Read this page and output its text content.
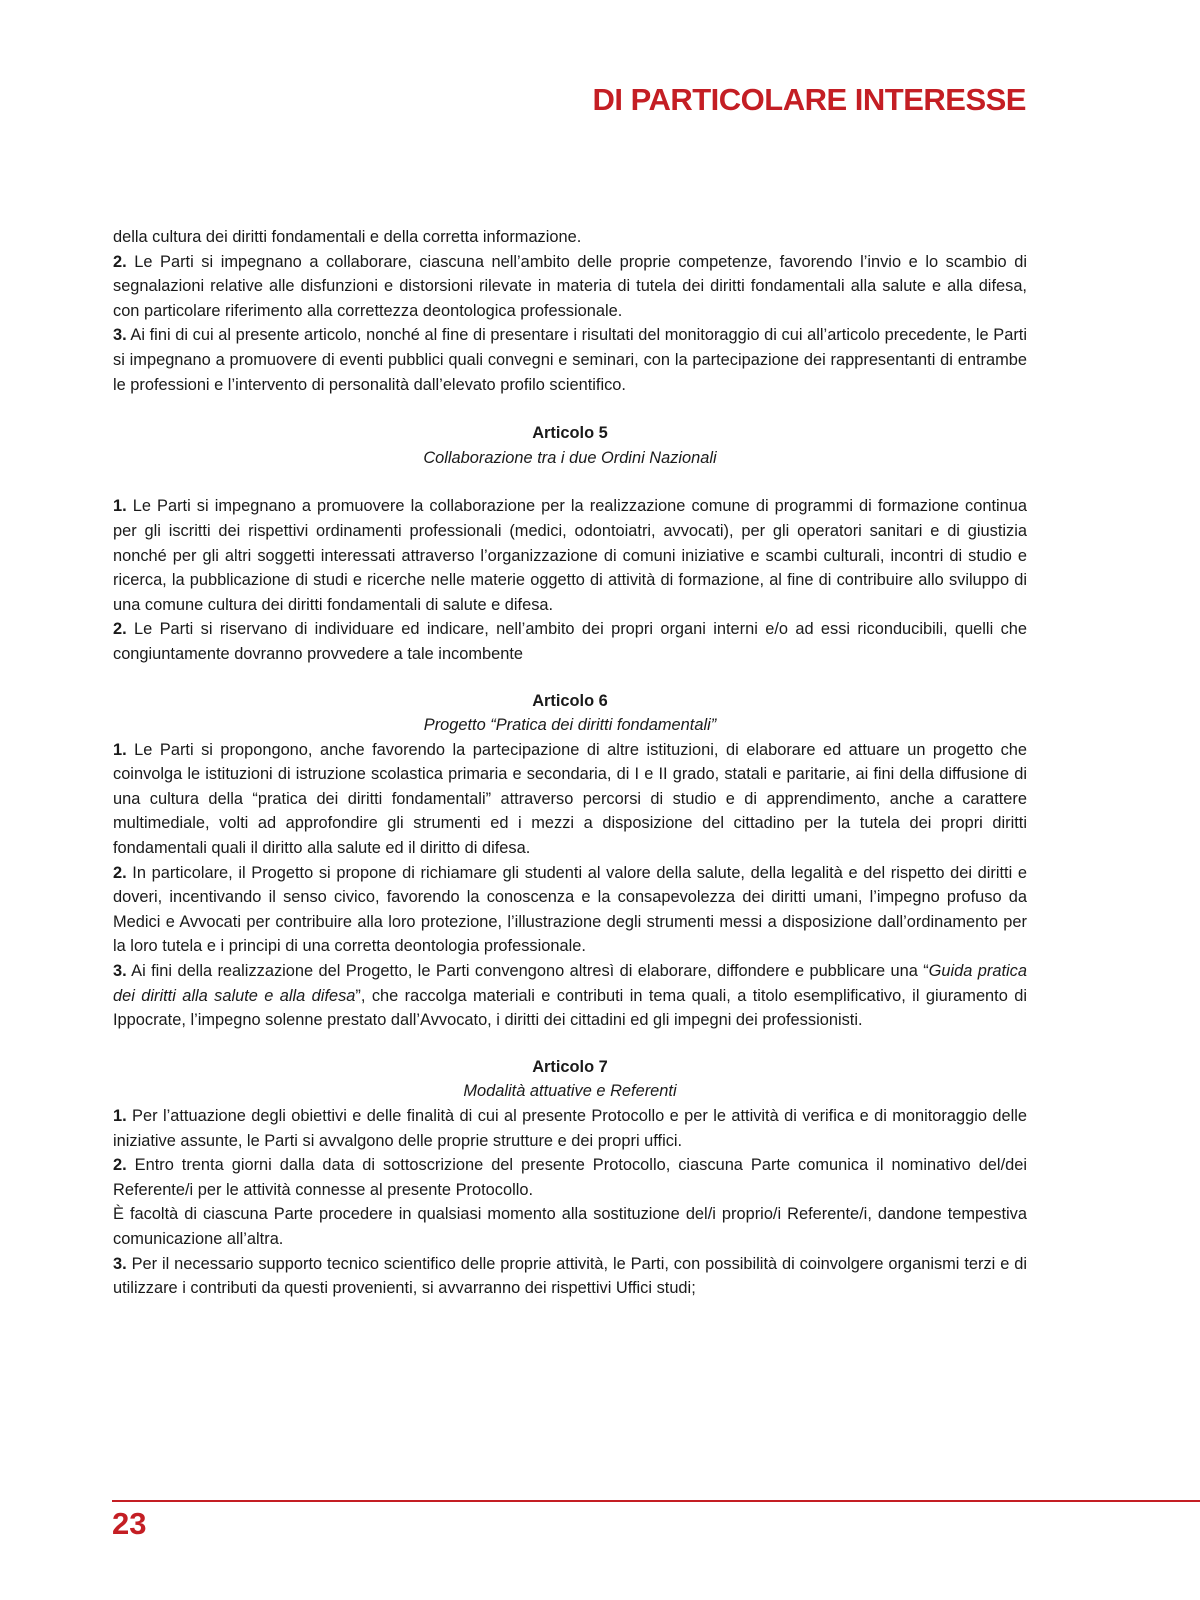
DI PARTICOLARE INTERESSE

della cultura dei diritti fondamentali e della corretta informazione.

2. Le Parti si impegnano a collaborare, ciascuna nell’ambito delle proprie competenze, favorendo l’invio e lo scambio di segnalazioni relative alle disfunzioni e distorsioni rilevate in materia di tutela dei diritti fondamentali alla salute e alla difesa, con particolare riferimento alla correttezza deontologica professionale.

3. Ai fini di cui al presente articolo, nonché al fine di presentare i risultati del monitoraggio di cui all’articolo precedente, le Parti si impegnano a promuovere di eventi pubblici quali convegni e seminari, con la partecipazione dei rappresentanti di entrambe le professioni e l’intervento di personalità dall’elevato profilo scientifico.

Articolo 5

Collaborazione tra i due Ordini Nazionali

1. Le Parti si impegnano a promuovere la collaborazione per la realizzazione comune di programmi di formazione continua per gli iscritti dei rispettivi ordinamenti professionali (medici, odontoiatri, avvocati), per gli operatori sanitari e di giustizia nonché per gli altri soggetti interessati attraverso l’organizzazione di comuni iniziative e scambi culturali, incontri di studio e ricerca, la pubblicazione di studi e ricerche nelle materie oggetto di attività di formazione, al fine di contribuire allo sviluppo di una comune cultura dei diritti fondamentali di salute e difesa.

2. Le Parti si riservano di individuare ed indicare, nell’ambito dei propri organi interni e/o ad essi riconducibili, quelli che congiuntamente dovranno provvedere a tale incombente

Articolo 6

Progetto “Pratica dei diritti fondamentali”

1. Le Parti si propongono, anche favorendo la partecipazione di altre istituzioni, di elaborare ed attuare un progetto che coinvolga le istituzioni di istruzione scolastica primaria e secondaria, di I e II grado, statali e paritarie, ai fini della diffusione di una cultura della “pratica dei diritti fondamentali” attraverso percorsi di studio e di apprendimento, anche a carattere multimediale, volti ad approfondire gli strumenti ed i mezzi a disposizione del cittadino per la tutela dei propri diritti fondamentali quali il diritto alla salute ed il diritto di difesa.

2. In particolare, il Progetto si propone di richiamare gli studenti al valore della salute, della legalità e del rispetto dei diritti e doveri, incentivando il senso civico, favorendo la conoscenza e la consapevolezza dei diritti umani, l’impegno profuso da Medici e Avvocati per contribuire alla loro protezione, l’illustrazione degli strumenti messi a disposizione dall’ordinamento per la loro tutela e i principi di una corretta deontologia professionale.

3. Ai fini della realizzazione del Progetto, le Parti convengono altresì di elaborare, diffondere e pubblicare una “Guida pratica dei diritti alla salute e alla difesa”, che raccolga materiali e contributi in tema quali, a titolo esemplificativo, il giuramento di Ippocrate, l’impegno solenne prestato dall’Avvocato, i diritti dei cittadini ed gli impegni dei professionisti.

Articolo 7

Modalità attuative e Referenti

1. Per l’attuazione degli obiettivi e delle finalità di cui al presente Protocollo e per le attività di verifica e di monitoraggio delle iniziative assunte, le Parti si avvalgono delle proprie strutture e dei propri uffici.

2. Entro trenta giorni dalla data di sottoscrizione del presente Protocollo, ciascuna Parte comunica il nominativo del/dei Referente/i per le attività connesse al presente Protocollo.

È facoltà di ciascuna Parte procedere in qualsiasi momento alla sostituzione del/i proprio/i Referente/i, dandone tempestiva comunicazione all’altra.

3. Per il necessario supporto tecnico scientifico delle proprie attività, le Parti, con possibilità di coinvolgere organismi terzi e di utilizzare i contributi da questi provenienti, si avvarranno dei rispettivi Uffici studi;

23
